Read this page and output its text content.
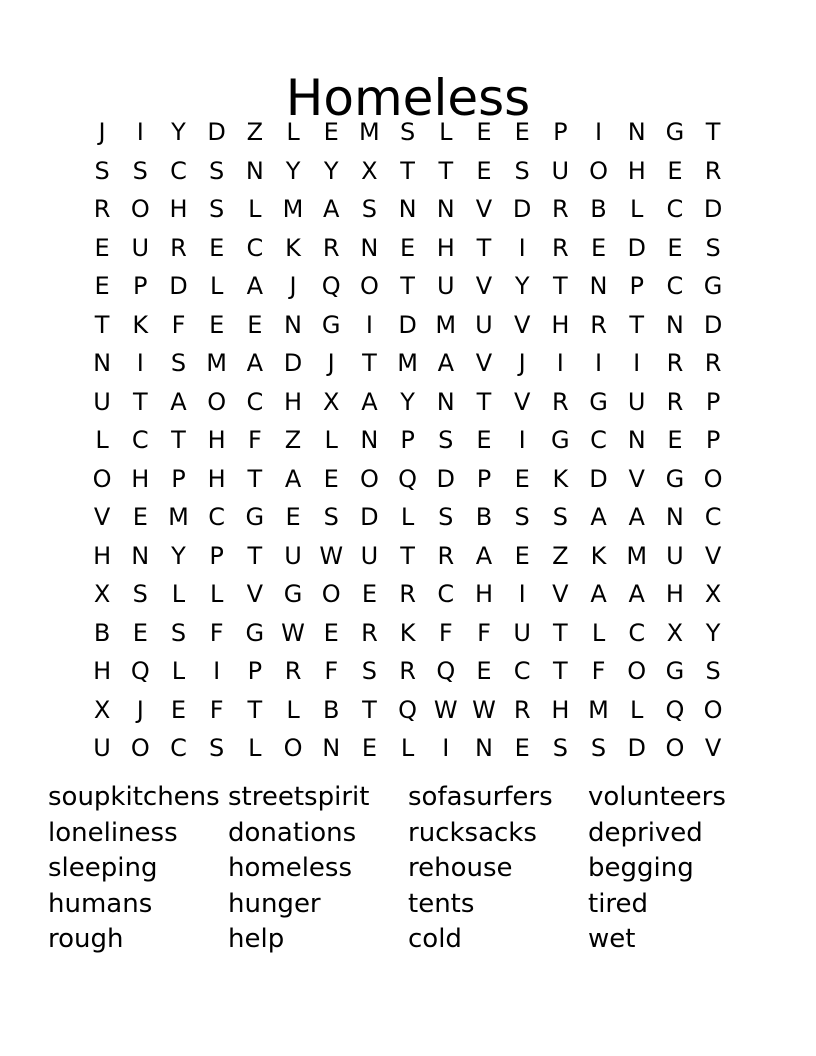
Homeless
J	I	Y D Z L E M S L E E P	I	N G T
S S C S N Y Y X T T E S U O H E R
R O H S L M A S N N V D R B L C D
E U R E C K R N E H T	I	R E D E S
E P D L A	J	Q O T U V Y T N P C G
T K F E E N G	I	D M U V H R T N D
N	I	S M A D	J	T M A V	J	I	I	I	R R
U T A O C H X A Y N T V R G U R P
L C T H F Z L N P S E	I	G C N E P
O H P H T A E O Q D P E K D V G O
V E M C G E S D L S B S S A A N C
H N Y P T U W U T R A E Z K M U V
X S L	L V G O E R C H	I	V A A H X
B E S F G W E R K F	F U T	L C X Y
H Q L	I	P R F S R Q E C T F O G S
X	J	E F T	L B T Q W W R H M L Q O
U O C S L O N E L	I	N E S S D O V
soupkitchens streetspirit	sofasurfers	volunteers
loneliness	donations	rucksacks	deprived
sleeping	homeless	rehouse	begging
humans	hunger	tents	tired
rough	help	cold	wet
